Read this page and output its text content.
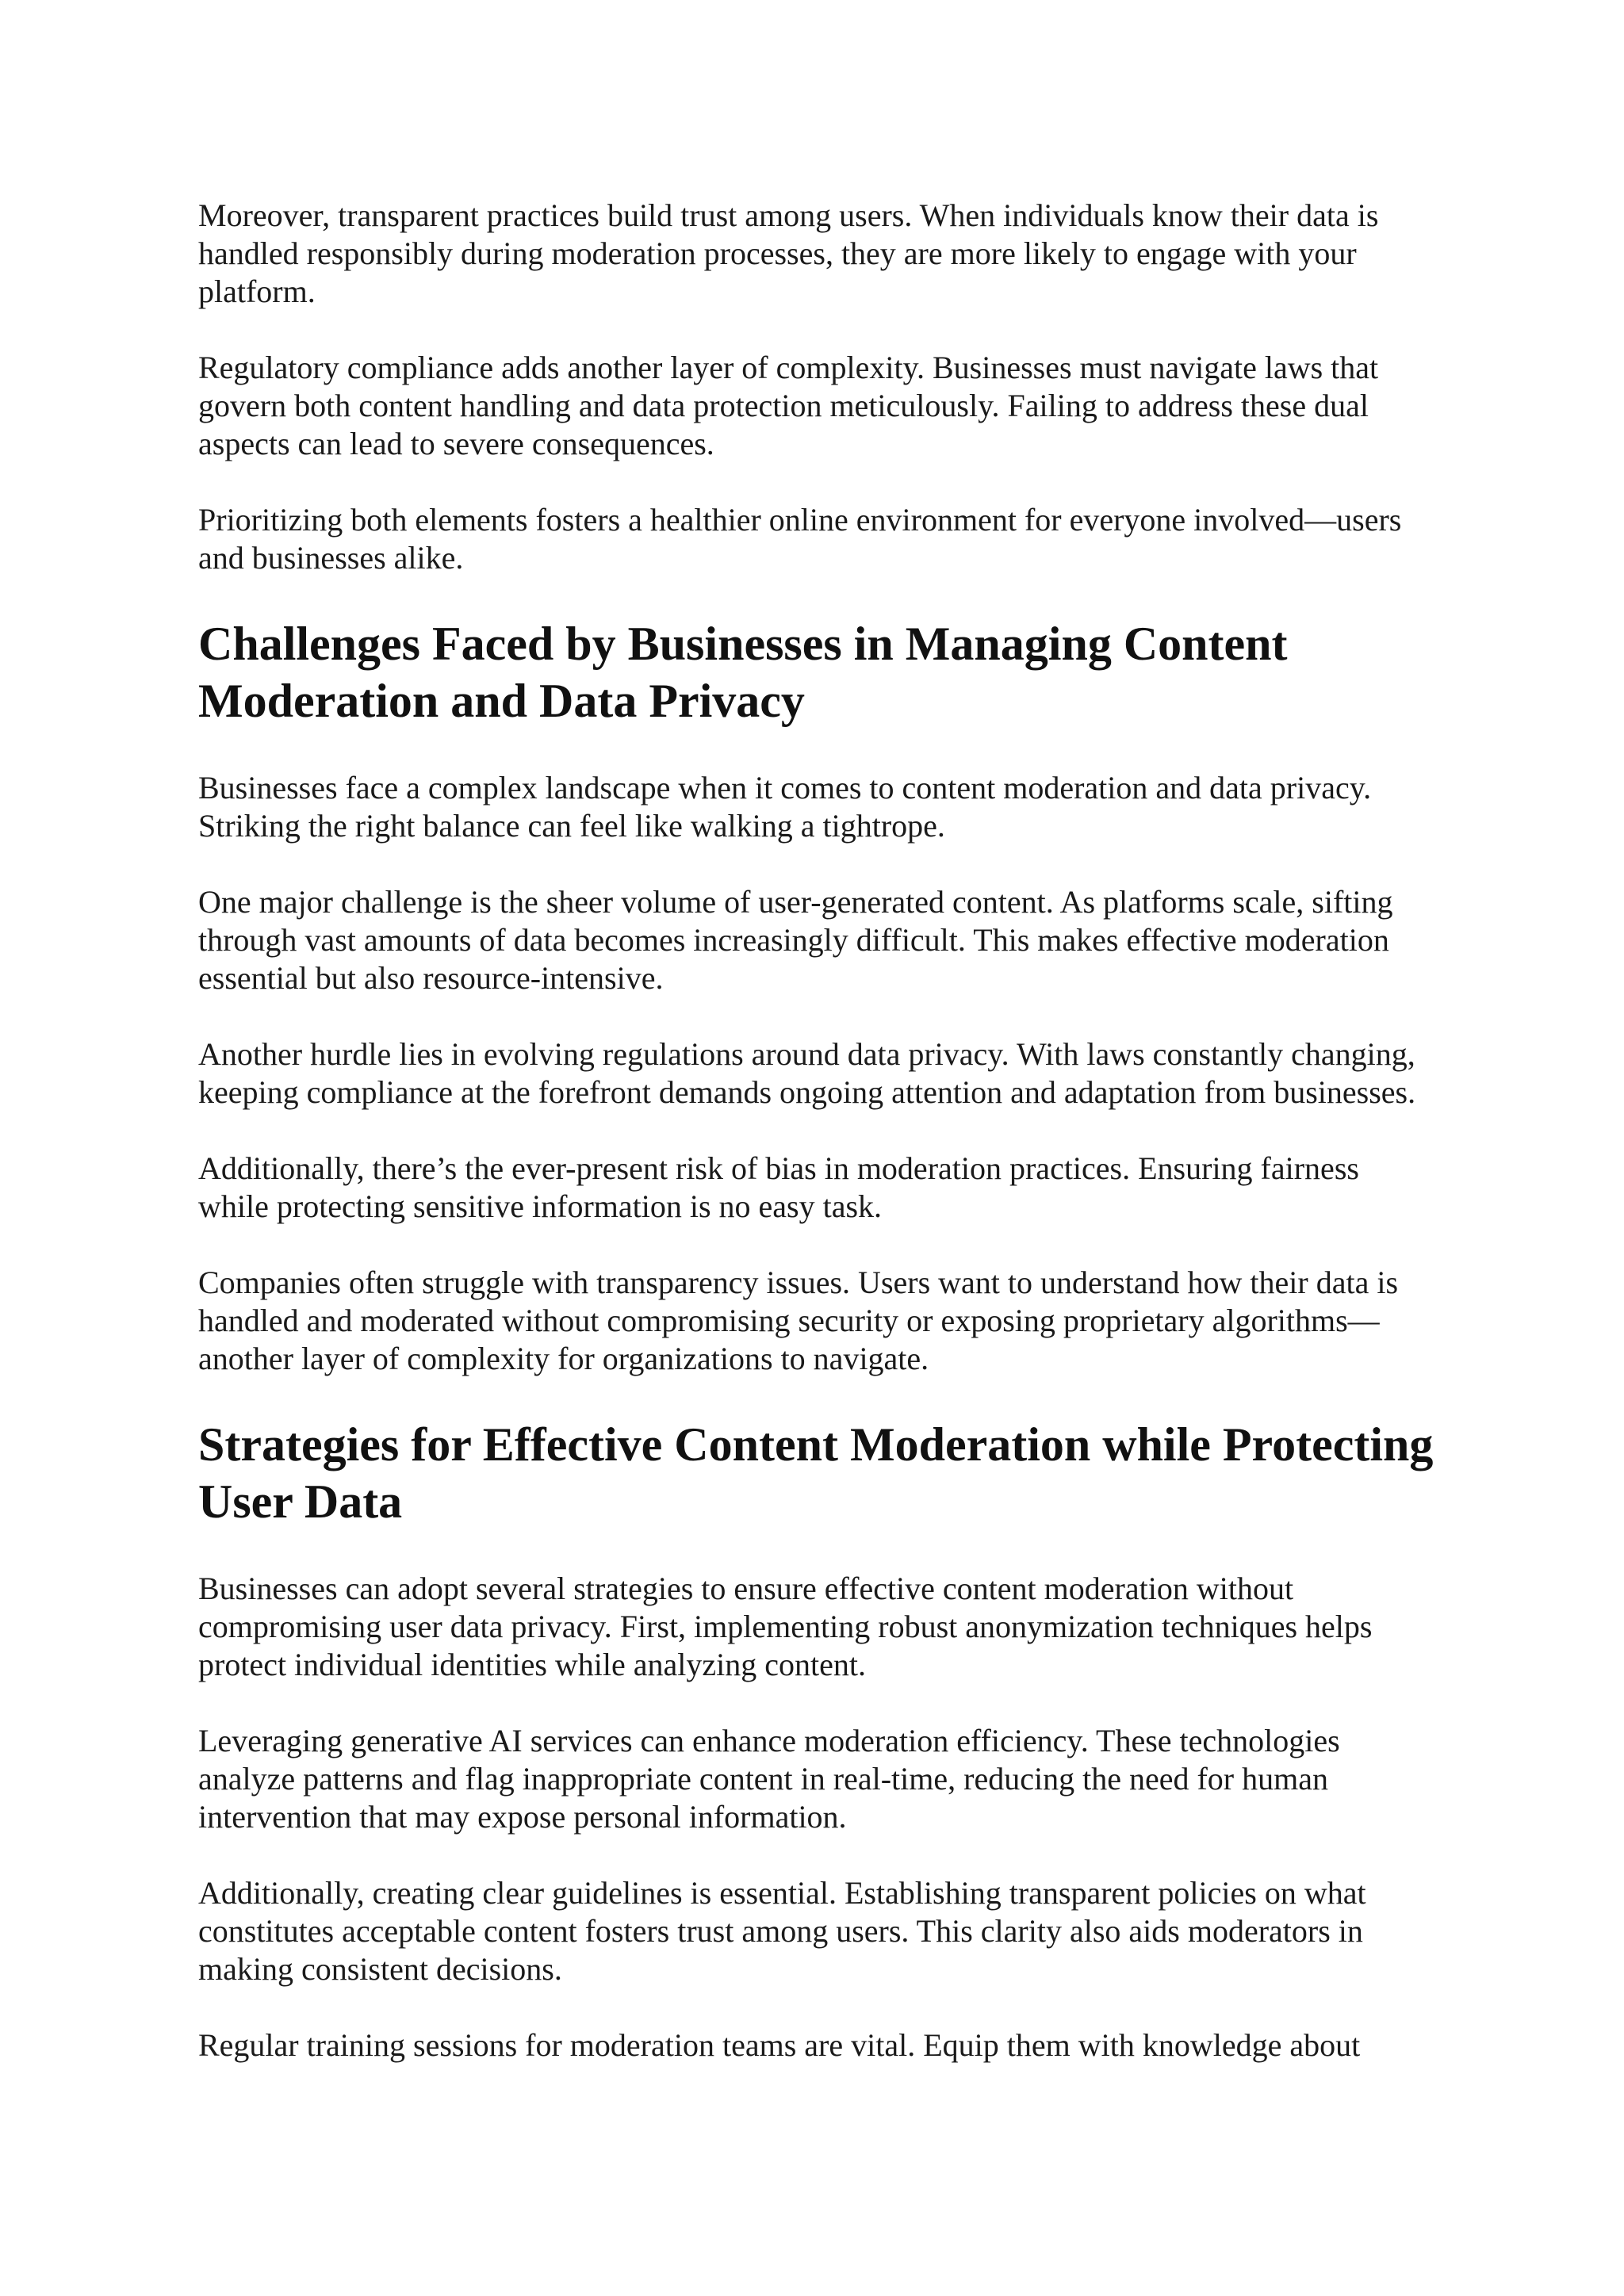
Moreover, transparent practices build trust among users. When individuals know their data is handled responsibly during moderation processes, they are more likely to engage with your platform.

Regulatory compliance adds another layer of complexity. Businesses must navigate laws that govern both content handling and data protection meticulously. Failing to address these dual aspects can lead to severe consequences.

Prioritizing both elements fosters a healthier online environment for everyone involved—users and businesses alike.

Challenges Faced by Businesses in Managing Content Moderation and Data Privacy

Businesses face a complex landscape when it comes to content moderation and data privacy. Striking the right balance can feel like walking a tightrope.

One major challenge is the sheer volume of user-generated content. As platforms scale, sifting through vast amounts of data becomes increasingly difficult. This makes effective moderation essential but also resource-intensive.

Another hurdle lies in evolving regulations around data privacy. With laws constantly changing, keeping compliance at the forefront demands ongoing attention and adaptation from businesses.

Additionally, there’s the ever-present risk of bias in moderation practices. Ensuring fairness while protecting sensitive information is no easy task.

Companies often struggle with transparency issues. Users want to understand how their data is handled and moderated without compromising security or exposing proprietary algorithms—another layer of complexity for organizations to navigate.

Strategies for Effective Content Moderation while Protecting User Data

Businesses can adopt several strategies to ensure effective content moderation without compromising user data privacy. First, implementing robust anonymization techniques helps protect individual identities while analyzing content.

Leveraging generative AI services can enhance moderation efficiency. These technologies analyze patterns and flag inappropriate content in real-time, reducing the need for human intervention that may expose personal information.

Additionally, creating clear guidelines is essential. Establishing transparent policies on what constitutes acceptable content fosters trust among users. This clarity also aids moderators in making consistent decisions.

Regular training sessions for moderation teams are vital. Equip them with knowledge about
